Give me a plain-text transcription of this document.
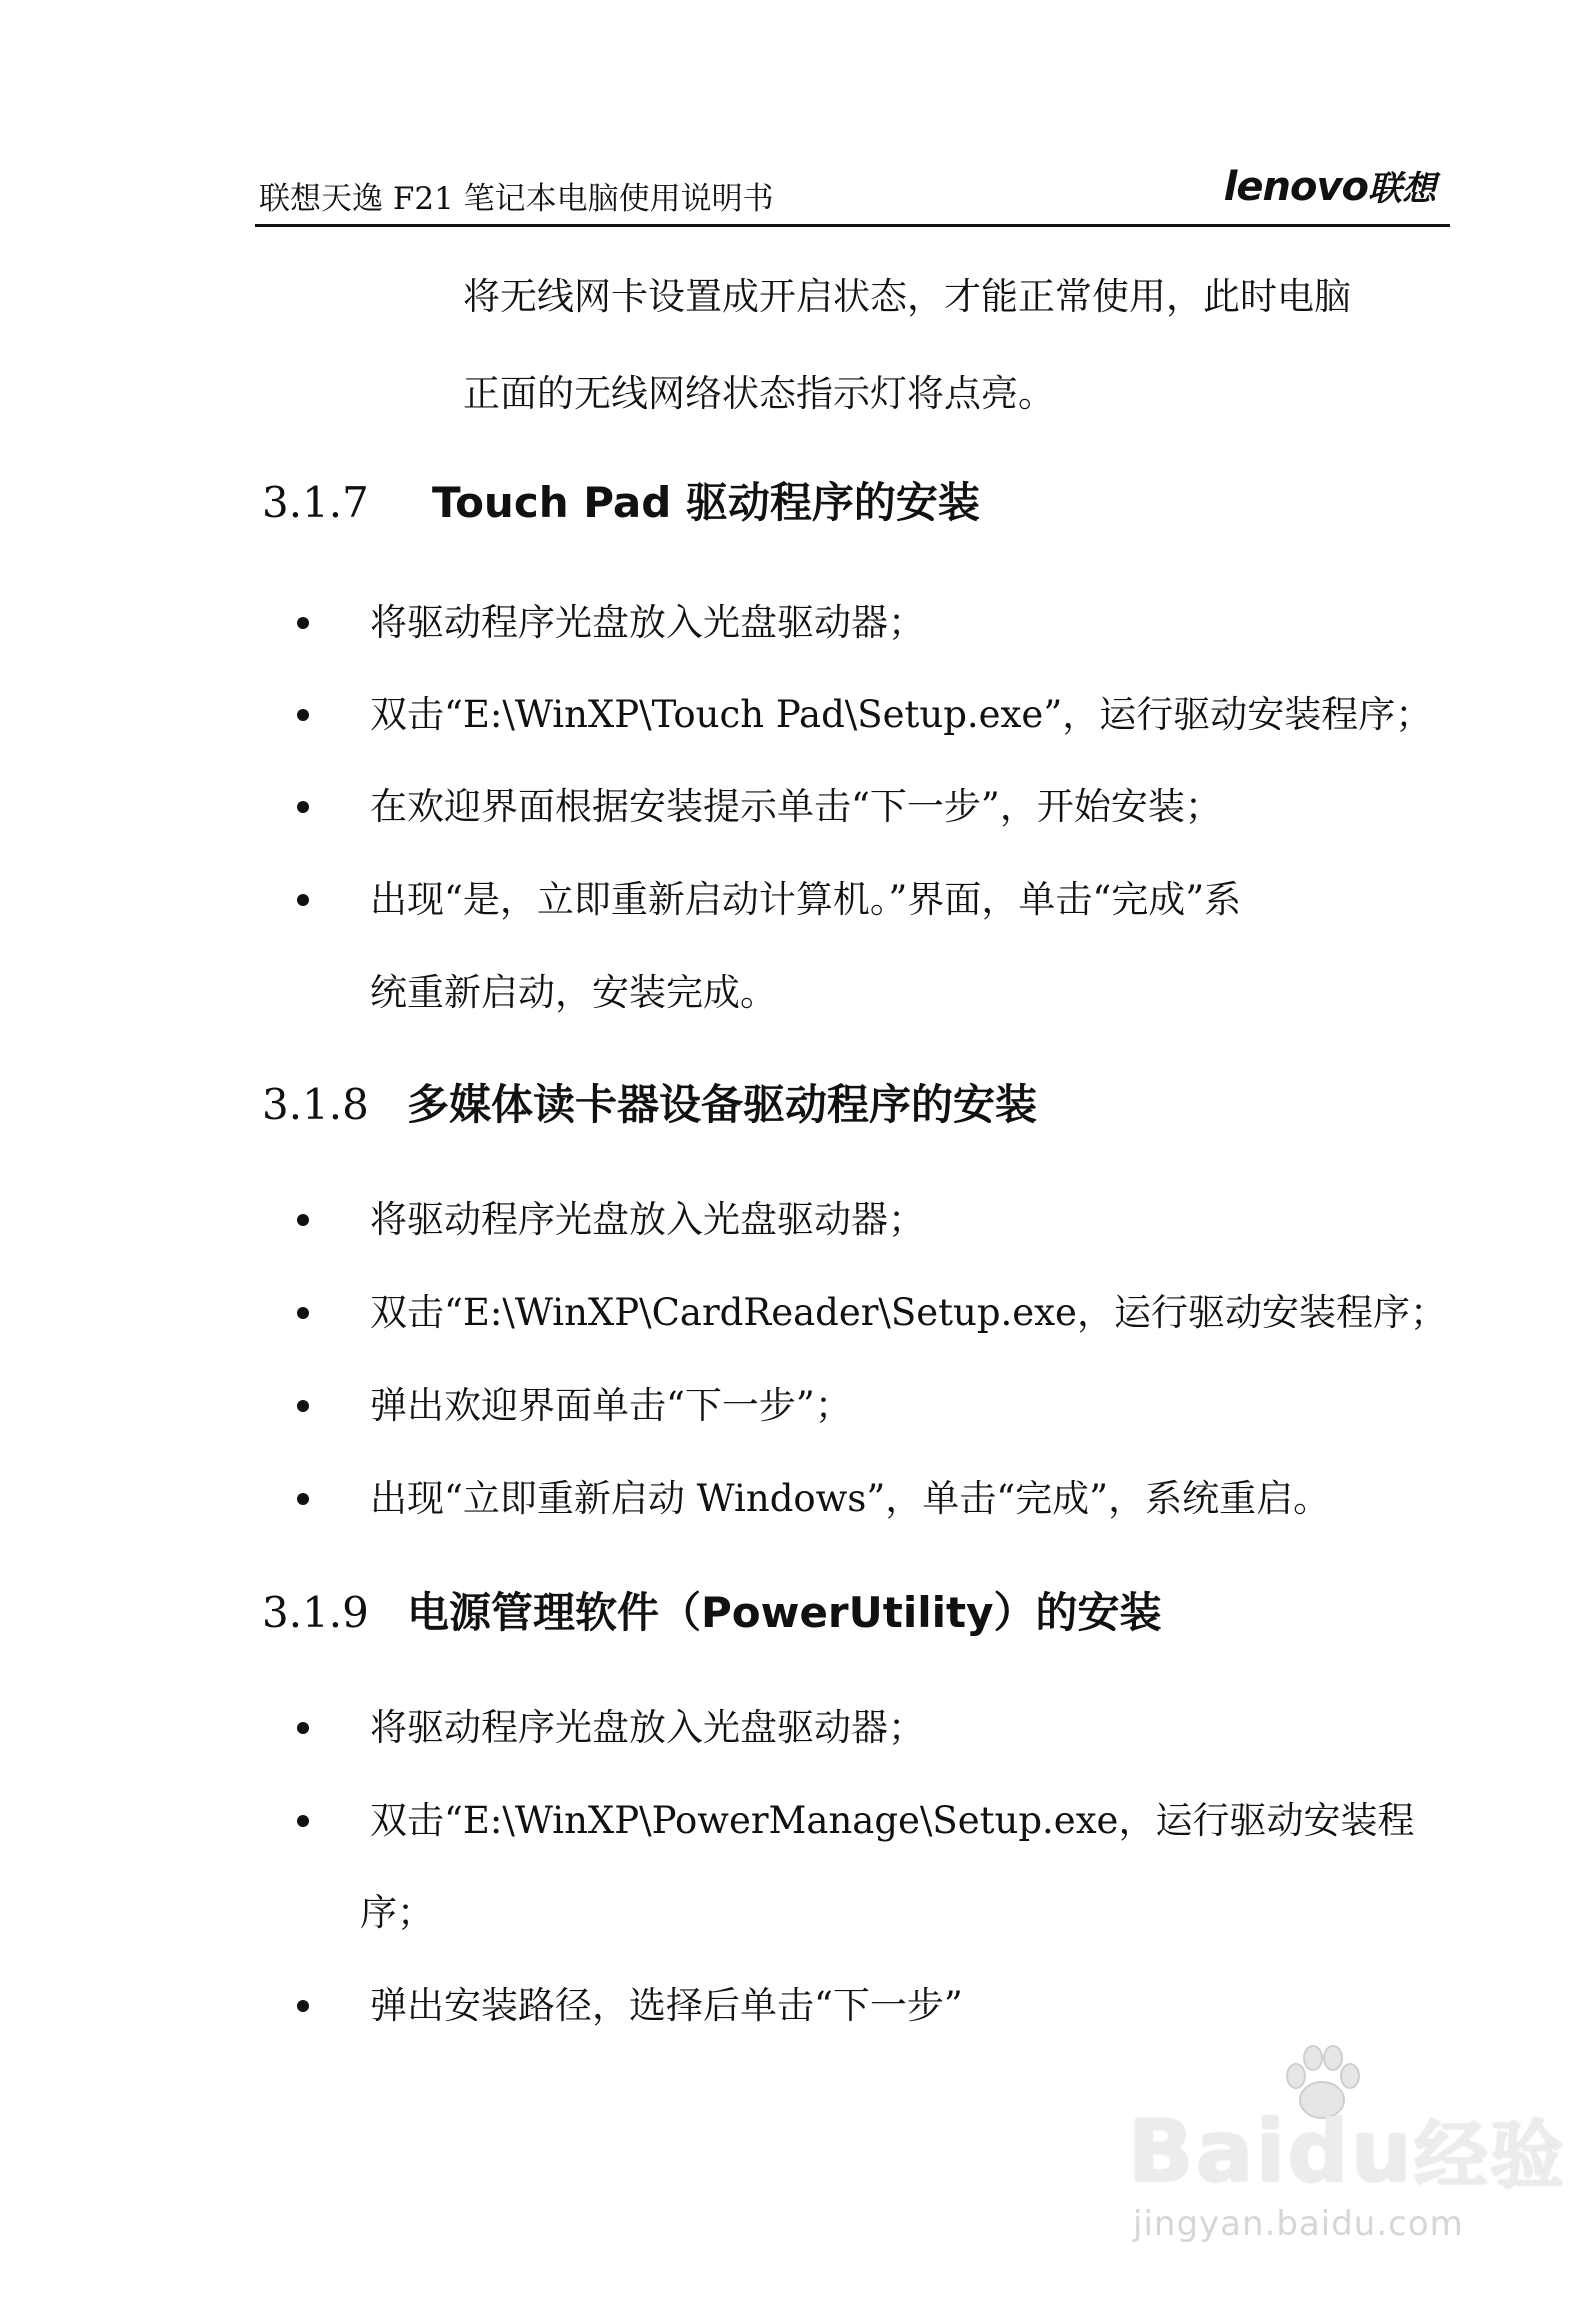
联想天逸 F21 笔记本电脑使用说明书	lenovo联想
将无线网卡设置成开启状态，才能正常使用，此时电脑
正面的无线网络状态指示灯将点亮。
3.1.7 Touch Pad 驱动程序的安装
将驱动程序光盘放入光盘驱动器；
双击“E:\WinXP\Touch Pad\Setup.exe”，运行驱动安装程序；
在欢迎界面根据安装提示单击“下一步”，开始安装；
出现“是，立即重新启动计算机。”界面，单击“完成”系
统重新启动，安装完成。
3.1.8 多媒体读卡器设备驱动程序的安装
将驱动程序光盘放入光盘驱动器；
双击“E:\WinXP\CardReader\Setup.exe，运行驱动安装程序；
弹出欢迎界面单击“下一步”；
出现“立即重新启动 Windows”，单击“完成”，系统重启。
3.1.9 电源管理软件（PowerUtility）的安装
将驱动程序光盘放入光盘驱动器；
双击“E:\WinXP\PowerManage\Setup.exe，运行驱动安装程
序；
弹出安装路径，选择后单击“下一步”
Baidu经验
jingyan.baidu.com
